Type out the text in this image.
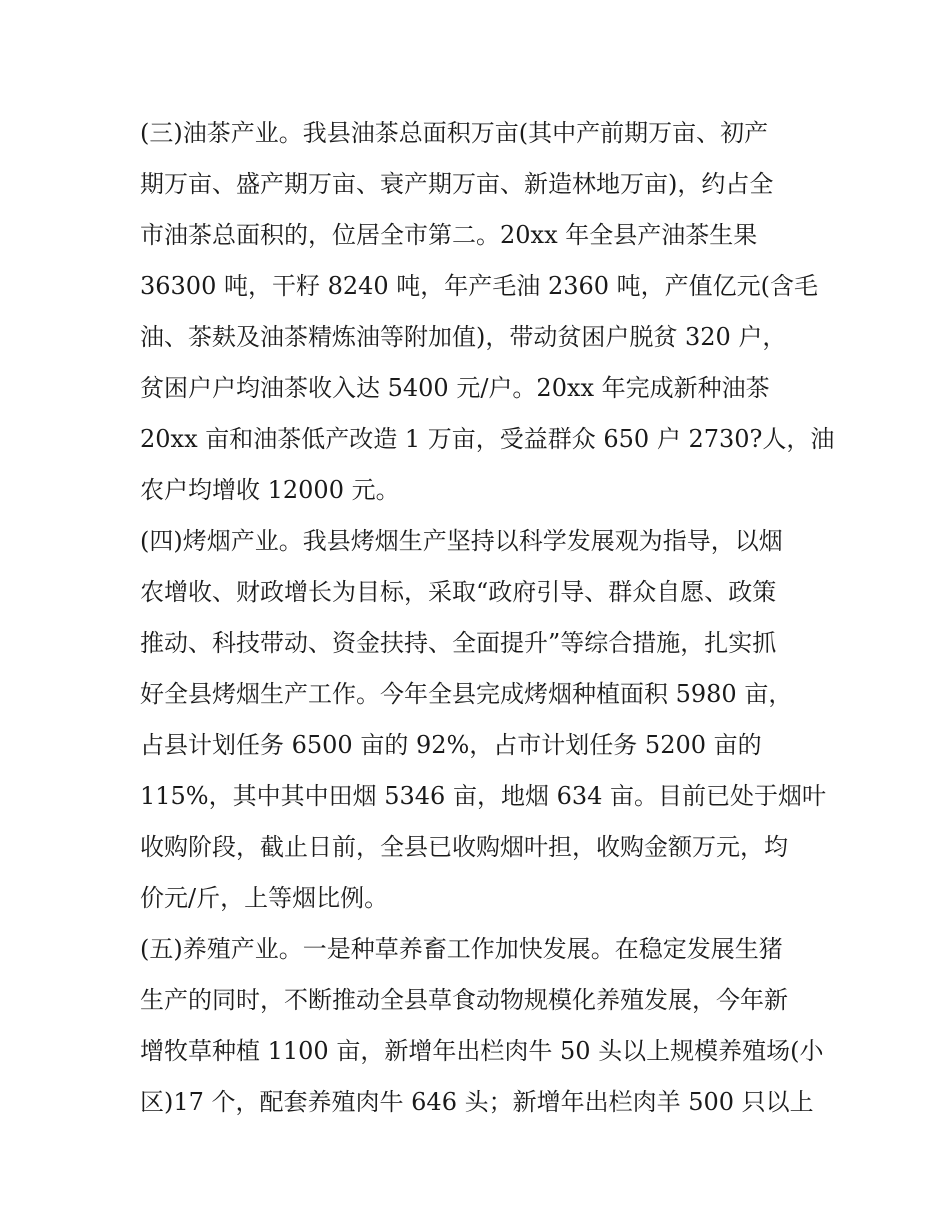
(三)油茶产业。我县油茶总面积万亩(其中产前期万亩、初产
期万亩、盛产期万亩、衰产期万亩、新造林地万亩)，约占全
市油茶总面积的，位居全市第二。20xx 年全县产油茶生果
36300 吨，干籽 8240 吨，年产毛油 2360 吨，产值亿元(含毛
油、茶麸及油茶精炼油等附加值)，带动贫困户脱贫 320 户，
贫困户户均油茶收入达 5400 元/户。20xx 年完成新种油茶
20xx 亩和油茶低产改造 1 万亩，受益群众 650 户 2730?人，油
农户均增收 12000 元。
(四)烤烟产业。我县烤烟生产坚持以科学发展观为指导，以烟
农增收、财政增长为目标，采取“政府引导、群众自愿、政策
推动、科技带动、资金扶持、全面提升”等综合措施，扎实抓
好全县烤烟生产工作。今年全县完成烤烟种植面积 5980 亩，
占县计划任务 6500 亩的 92%，占市计划任务 5200 亩的
115%，其中其中田烟 5346 亩，地烟 634 亩。目前已处于烟叶
收购阶段，截止日前，全县已收购烟叶担，收购金额万元，均
价元/斤，上等烟比例。
(五)养殖产业。一是种草养畜工作加快发展。在稳定发展生猪
生产的同时，不断推动全县草食动物规模化养殖发展，今年新
增牧草种植 1100 亩，新增年出栏肉牛 50 头以上规模养殖场(小
区)17 个，配套养殖肉牛 646 头；新增年出栏肉羊 500 只以上
